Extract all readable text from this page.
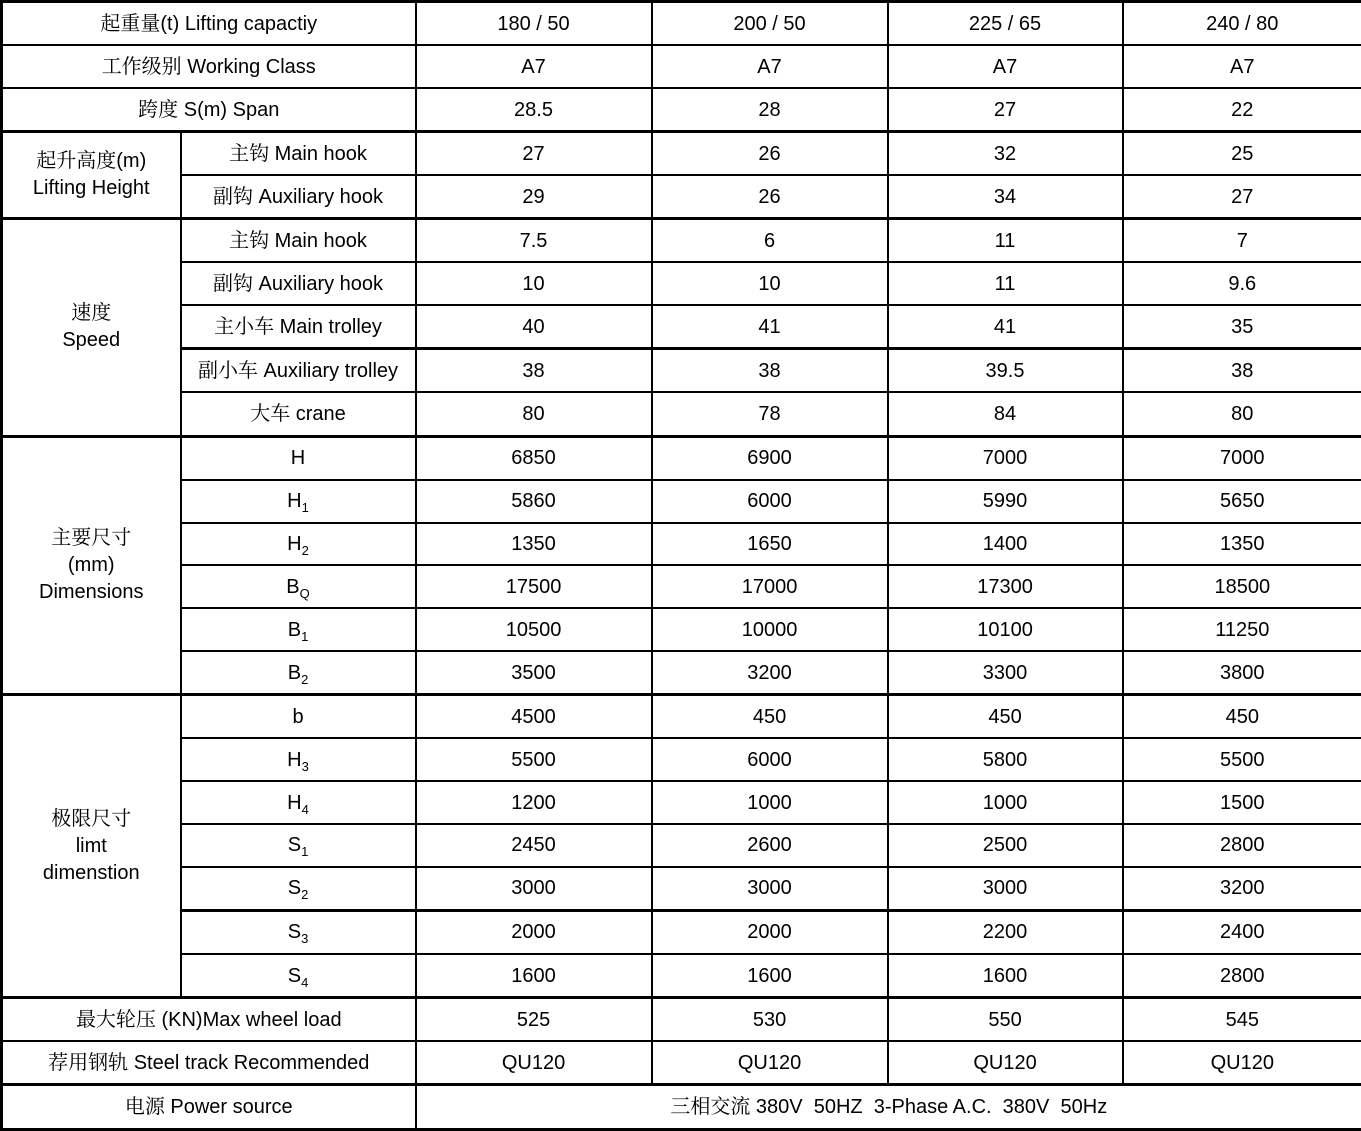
起重量(t) Lifting capactiy		180 / 50	200 / 50	225 / 65	240 / 80
工作级别 Working Class		A7	A7	A7	A7
跨度 S(m) Span		28.5	28	27	22

起升高度(m)
Lifting Height	主钩 Main hook	27	26	32	25
	副钩 Auxiliary hook	29	26	34	27

速度
Speed	主钩 Main hook	7.5	6	11	7
	副钩 Auxiliary hook	10	10	11	9.6
	主小车 Main trolley	40	41	41	35
	副小车 Auxiliary trolley	38	38	39.5	38
	大车 crane	80	78	84	80

主要尺寸
(mm)
Dimensions	H	6850	6900	7000	7000
	$H_1$	5860	6000	5990	5650
	$H_2$	1350	1650	1400	1350
	$B_Q$	17500	17000	17300	18500
	$B_1$	10500	10000	10100	11250
	$B_2$	3500	3200	3300	3800

极限尺寸
limt
dimenstion	b	4500	450	450	450
	$H_3$	5500	6000	5800	5500
	$H_4$	1200	1000	1000	1500
	$S_1$	2450	2600	2500	2800
	$S_2$	3000	3000	3000	3200
	$S_3$	2000	2000	2200	2400
	$S_4$	1600	1600	1600	2800
最大轮压 (KN)Max wheel load		525	530	550	545
荐用钢轨 Steel track Recommended		QU120	QU120	QU120	QU120
电源 Power source		三相交流 380V  50HZ  3-Phase A.C.  380V  50Hz			
